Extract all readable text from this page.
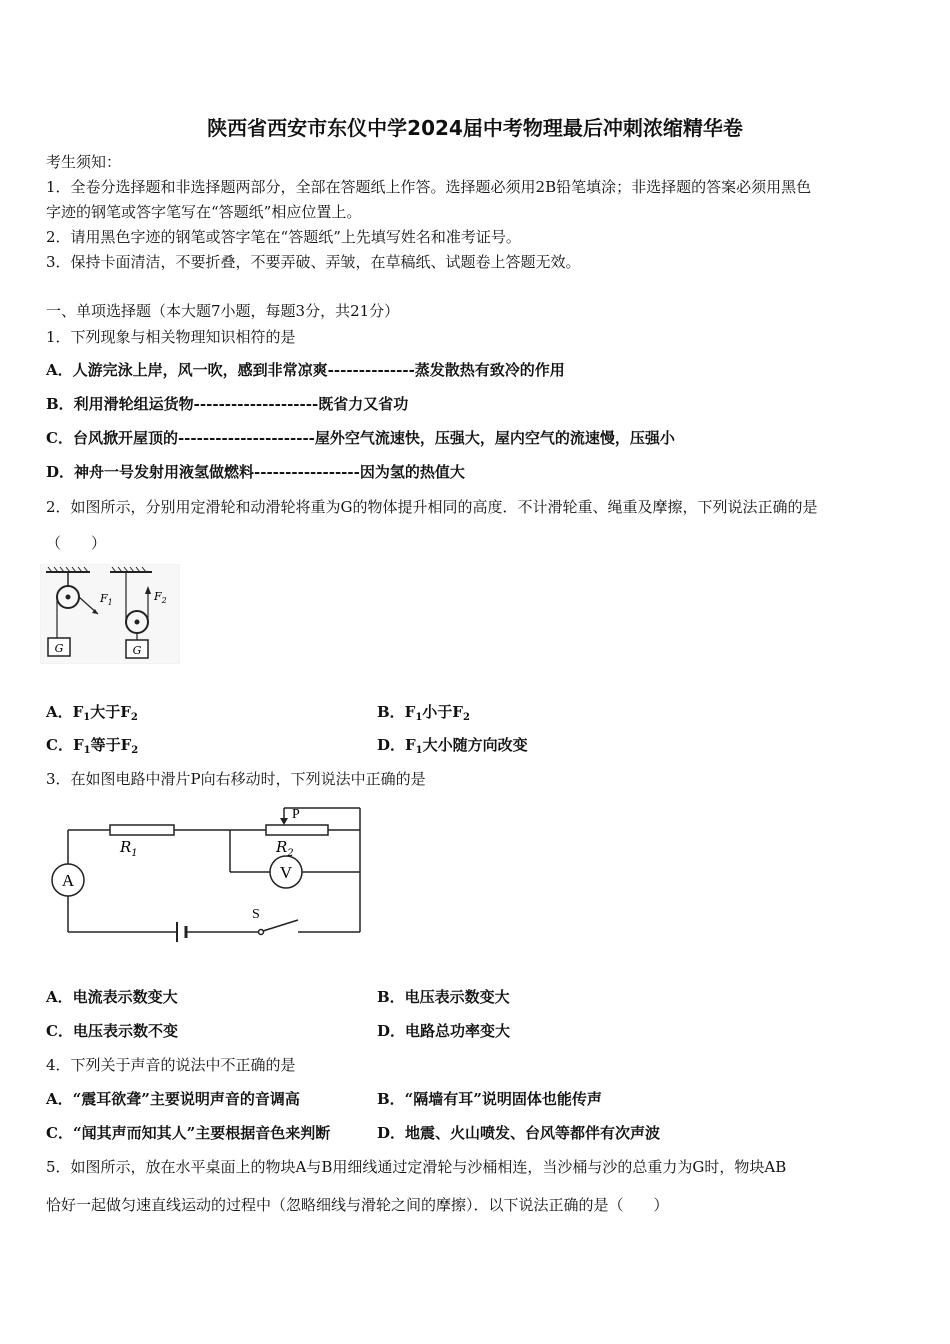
陕西省西安市东仪中学2024届中考物理最后冲刺浓缩精华卷
考生须知：
1．全卷分选择题和非选择题两部分，全部在答题纸上作答。选择题必须用2B铅笔填涂；非选择题的答案必须用黑色
字迹的钢笔或答字笔写在“答题纸”相应位置上。
2．请用黑色字迹的钢笔或答字笔在“答题纸”上先填写姓名和准考证号。
3．保持卡面清洁，不要折叠，不要弄破、弄皱，在草稿纸、试题卷上答题无效。
一、单项选择题（本大题7小题，每题3分，共21分）
1．下列现象与相关物理知识相符的是
A．人游完泳上岸，风一吹，感到非常凉爽--------------蒸发散热有致冷的作用
B．利用滑轮组运货物--------------------既省力又省功
C．台风掀开屋顶的----------------------屋外空气流速快，压强大，屋内空气的流速慢，压强小
D．神舟一号发射用液氢做燃料-----------------因为氢的热值大
2．如图所示，分别用定滑轮和动滑轮将重为G的物体提升相同的高度．不计滑轮重、绳重及摩擦，下列说法正确的是
（　　）
G
$F_1$
G
$F_2$
A．$F_1$大于$F_2$	B．$F_1$小于$F_2$
C．$F_1$等于$F_2$	D．$F_1$大小随方向改变
3．在如图电路中滑片P向右移动时，下列说法中正确的是
P
$R_1$	$R_2$
V
A
S
A．电流表示数变大	B．电压表示数变大
C．电压表示数不变	D．电路总功率变大
4．下列关于声音的说法中不正确的是
A．“震耳欲聋”主要说明声音的音调高	B．“隔墙有耳”说明固体也能传声
C．“闻其声而知其人”主要根据音色来判断	D．地震、火山喷发、台风等都伴有次声波
5．如图所示，放在水平桌面上的物块A与B用细线通过定滑轮与沙桶相连，当沙桶与沙的总重力为G时，物块AB
恰好一起做匀速直线运动的过程中（忽略细线与滑轮之间的摩擦）．以下说法正确的是（　　）
